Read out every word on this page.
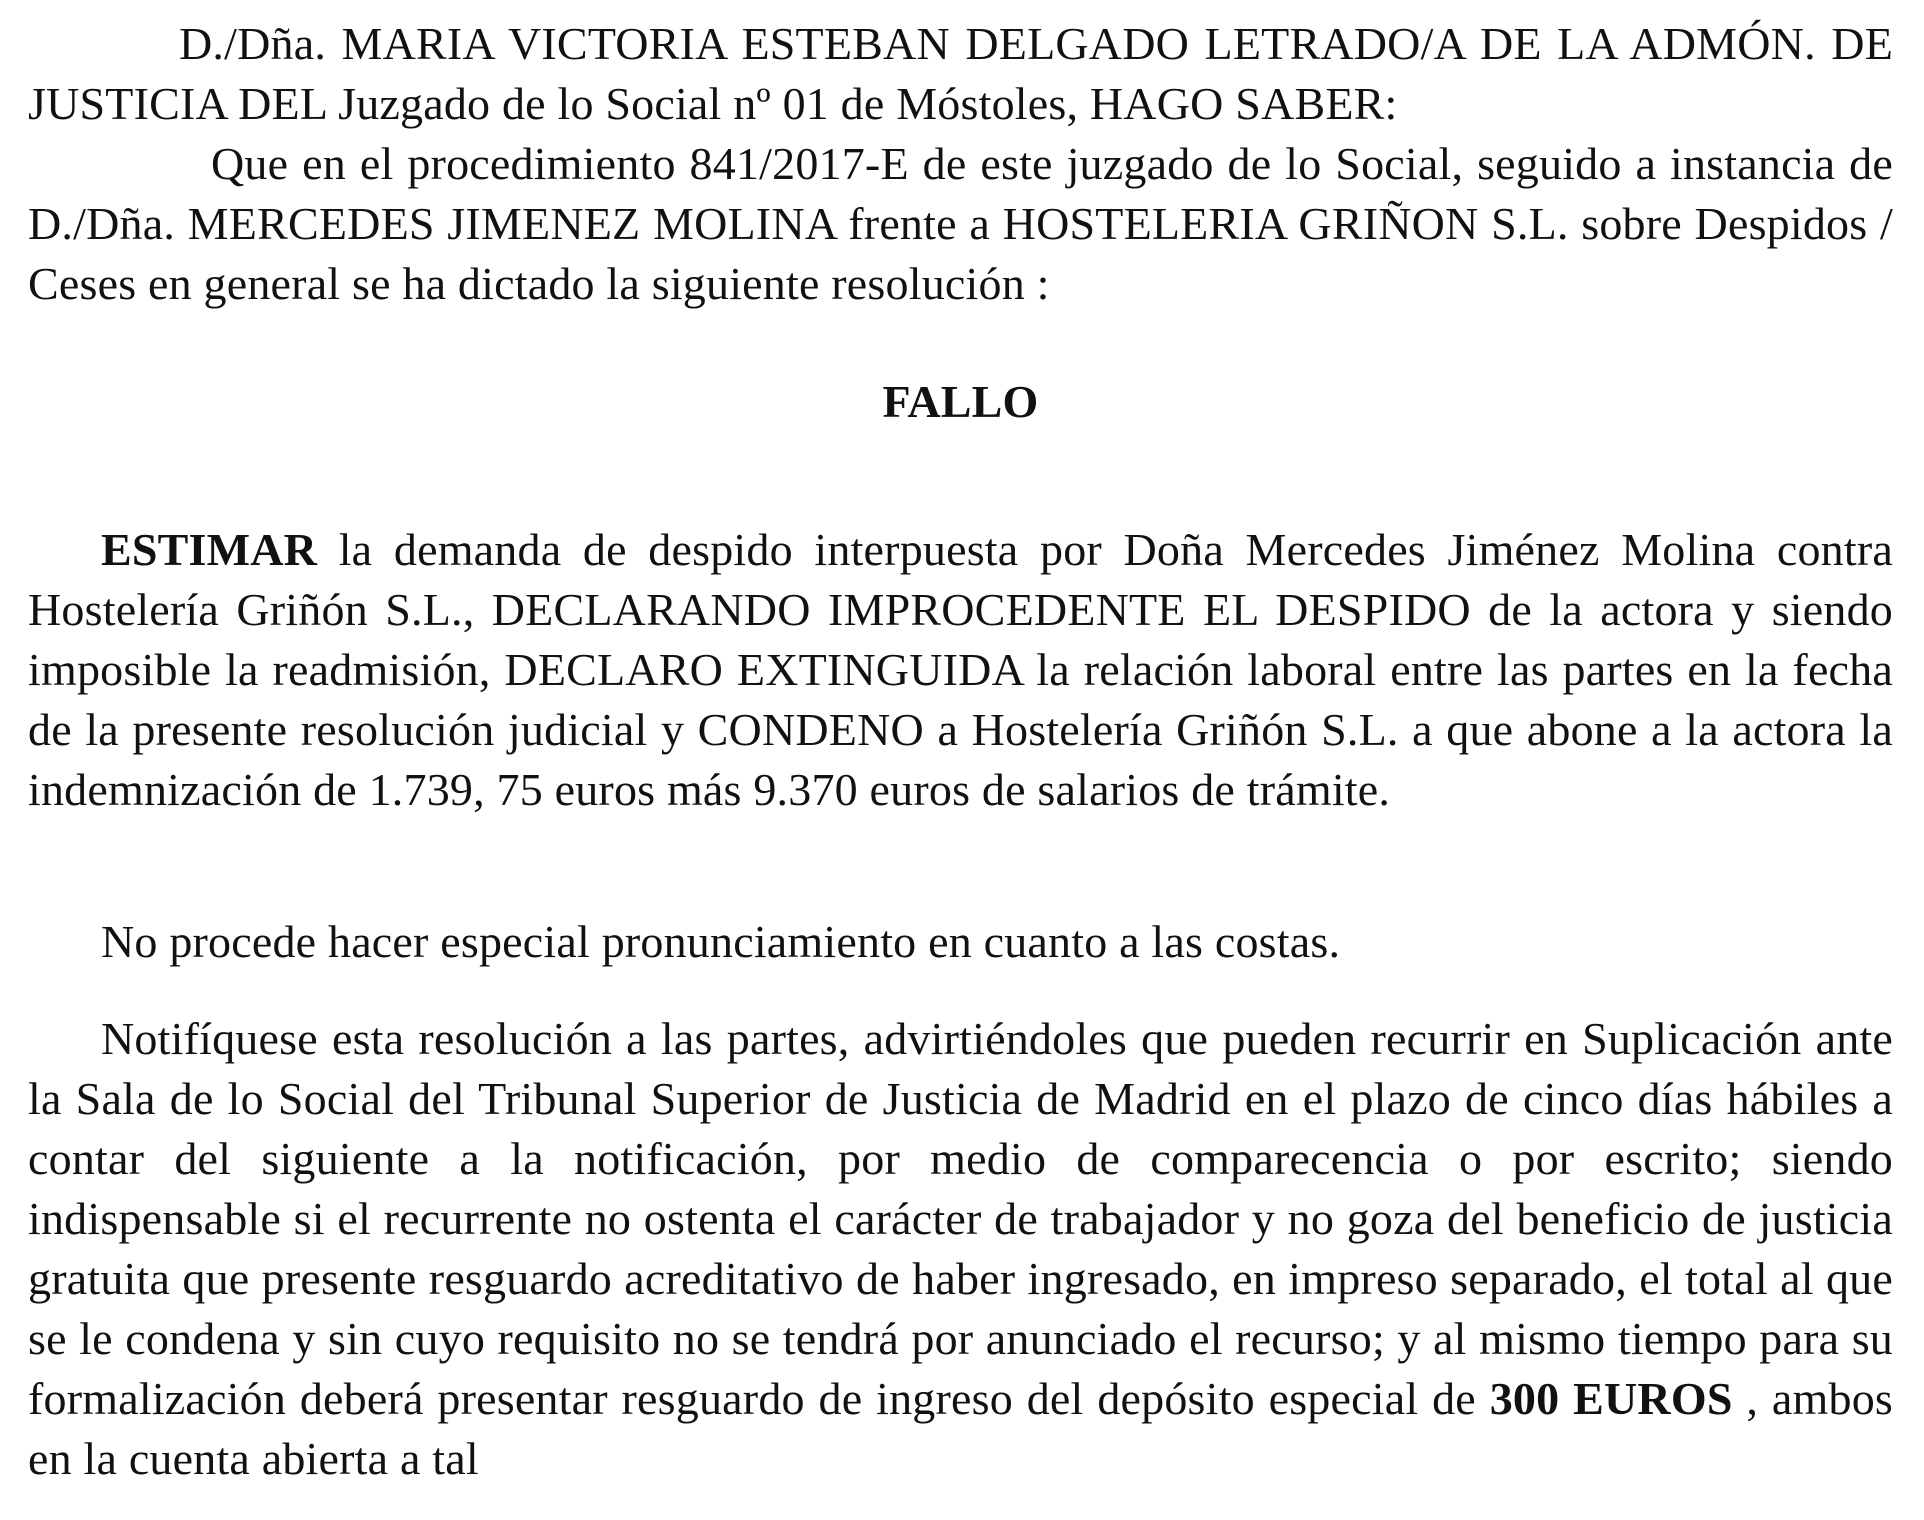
D./Dña. MARIA VICTORIA ESTEBAN DELGADO LETRADO/A DE LA ADMÓN. DE JUSTICIA DEL Juzgado de lo Social nº 01 de Móstoles, HAGO SABER:

Que en el procedimiento 841/2017-E de este juzgado de lo Social, seguido a instancia de D./Dña. MERCEDES JIMENEZ MOLINA frente a HOSTELERIA GRIÑON S.L. sobre Despidos / Ceses en general se ha dictado la siguiente resolución :

FALLO

ESTIMAR la demanda de despido interpuesta por Doña Mercedes Jiménez Molina contra Hostelería Griñón S.L., DECLARANDO IMPROCEDENTE EL DESPIDO de la actora y siendo imposible la readmisión, DECLARO EXTINGUIDA la relación laboral entre las partes en la fecha de la presente resolución judicial y CONDENO a Hostelería Griñón S.L. a que abone a la actora la indemnización de 1.739, 75 euros más 9.370 euros de salarios de trámite.

No procede hacer especial pronunciamiento en cuanto a las costas.

Notifíquese esta resolución a las partes, advirtiéndoles que pueden recurrir en Suplicación ante la Sala de lo Social del Tribunal Superior de Justicia de Madrid en el plazo de cinco días hábiles a contar del siguiente a la notificación, por medio de comparecencia o por escrito; siendo indispensable si el recurrente no ostenta el carácter de trabajador y no goza del beneficio de justicia gratuita que presente resguardo acreditativo de haber ingresado, en impreso separado, el total al que se le condena y sin cuyo requisito no se tendrá por anunciado el recurso; y al mismo tiempo para su formalización deberá presentar resguardo de ingreso del depósito especial de 300 EUROS , ambos en la cuenta abierta a tal
